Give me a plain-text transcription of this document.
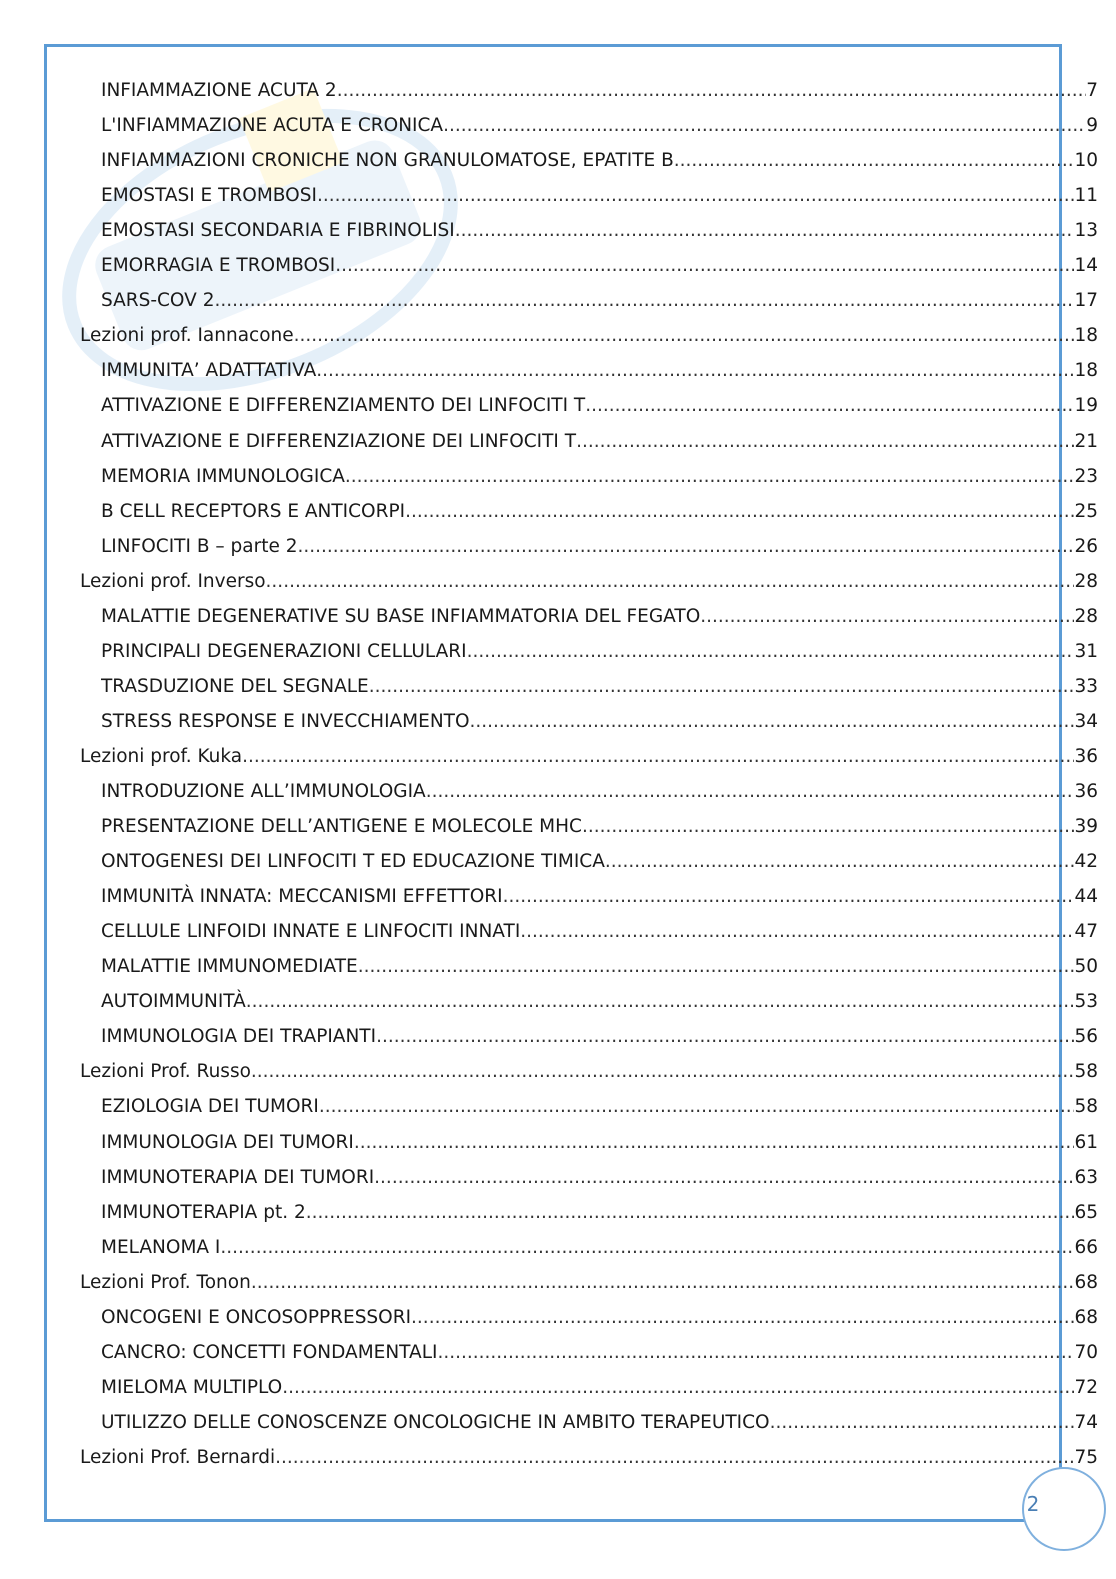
INFIAMMAZIONE ACUTA 2 .....	7
L'INFIAMMAZIONE ACUTA E CRONICA .....	9
INFIAMMAZIONI CRONICHE NON GRANULOMATOSE, EPATITE B .....	10
EMOSTASI E TROMBOSI .....	11
EMOSTASI SECONDARIA E FIBRINOLISI .....	13
EMORRAGIA E TROMBOSI .....	14
SARS-COV 2 .....	17
Lezioni prof. Iannacone .....	18
IMMUNITA’ ADATTATIVA .....	18
ATTIVAZIONE E DIFFERENZIAMENTO DEI LINFOCITI T .....	19
ATTIVAZIONE E DIFFERENZIAZIONE DEI LINFOCITI T .....	21
MEMORIA IMMUNOLOGICA .....	23
B CELL RECEPTORS E ANTICORPI .....	25
LINFOCITI B – parte 2 .....	26
Lezioni prof. Inverso .....	28
MALATTIE DEGENERATIVE SU BASE INFIAMMATORIA DEL FEGATO .....	28
PRINCIPALI DEGENERAZIONI CELLULARI .....	31
TRASDUZIONE DEL SEGNALE .....	33
STRESS RESPONSE E INVECCHIAMENTO .....	34
Lezioni prof. Kuka .....	36
INTRODUZIONE ALL’IMMUNOLOGIA .....	36
PRESENTAZIONE DELL’ANTIGENE E MOLECOLE MHC .....	39
ONTOGENESI DEI LINFOCITI T ED EDUCAZIONE TIMICA .....	42
IMMUNITÀ INNATA: MECCANISMI EFFETTORI .....	44
CELLULE LINFOIDI INNATE E LINFOCITI INNATI .....	47
MALATTIE IMMUNOMEDIATE .....	50
AUTOIMMUNITÀ .....	53
IMMUNOLOGIA DEI TRAPIANTI .....	56
Lezioni Prof. Russo .....	58
EZIOLOGIA DEI TUMORI .....	58
IMMUNOLOGIA DEI TUMORI .....	61
IMMUNOTERAPIA DEI TUMORI .....	63
IMMUNOTERAPIA pt. 2 .....	65
MELANOMA I .....	66
Lezioni Prof. Tonon .....	68
ONCOGENI E ONCOSOPPRESSORI .....	68
CANCRO: CONCETTI FONDAMENTALI .....	70
MIELOMA MULTIPLO .....	72
UTILIZZO DELLE CONOSCENZE ONCOLOGICHE IN AMBITO TERAPEUTICO .....	74
Lezioni Prof. Bernardi .....	75
2
